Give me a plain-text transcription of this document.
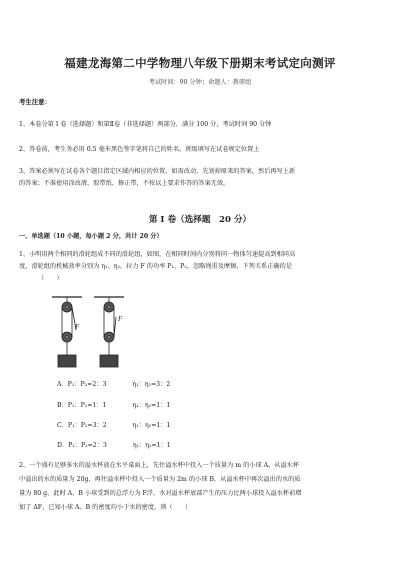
福建龙海第二中学物理八年级下册期末考试定向测评
考试时间：90 分钟；命题人：教研组
考生注意：
1、本卷分第 I 卷（选择题）和第Ⅱ卷（非选择题）两部分，满分 100 分，考试时间 90 分钟
2、答卷前，考生务必用 0.5 毫米黑色签字笔将自己的姓名、班级填写在试卷规定位置上
3、答案必须写在试卷各个题目指定区域内相应的位置，如需改动，先划掉原来的答案，然后再写上新
的答案；不准使用涂改液、胶带纸、修正带，不按以上要求作答的答案无效。
第 I 卷（选择题　20 分）
一、单选题（10 小题，每小题 2 分，共计 20 分）
1、小明用两个相同的滑轮组成不同的滑轮组，如图，在相同时间内分别将同一物体匀速提高到相同高
度，滑轮组的机械效率分别为 η₁、η₂，拉力 F 的功率 P₁、P₂，忽略绳重及摩擦，下列关系正确的是
（　　）
F
F
A．P₁：P₂=2：3	η₁：η₂=3：2
B．P₁：P₂=1：1	η₁：η₂=1：1
C．P₁：P₂=3：2	η₁：η₂=1：1
D．P₁：P₂=2：3	η₁：η₂=1：1
2、一个盛有足够多水的溢水杯放在水平桌面上，先往溢水杯中投入一个质量为 m 的小球 A，从溢水杯
中溢出的水的质量为 20g，再往溢水杯中投入一个质量为 2m 的小球 B，从溢水杯中再次溢出的水的质
量为 80 g，此时 A、B 小球受到的总浮力为 F浮，水对溢水杯底部产生的压力比两小球投入溢水杯前增
加了 ΔF，已知小球 A、B 的密度均小于水的密度，则（　　）
